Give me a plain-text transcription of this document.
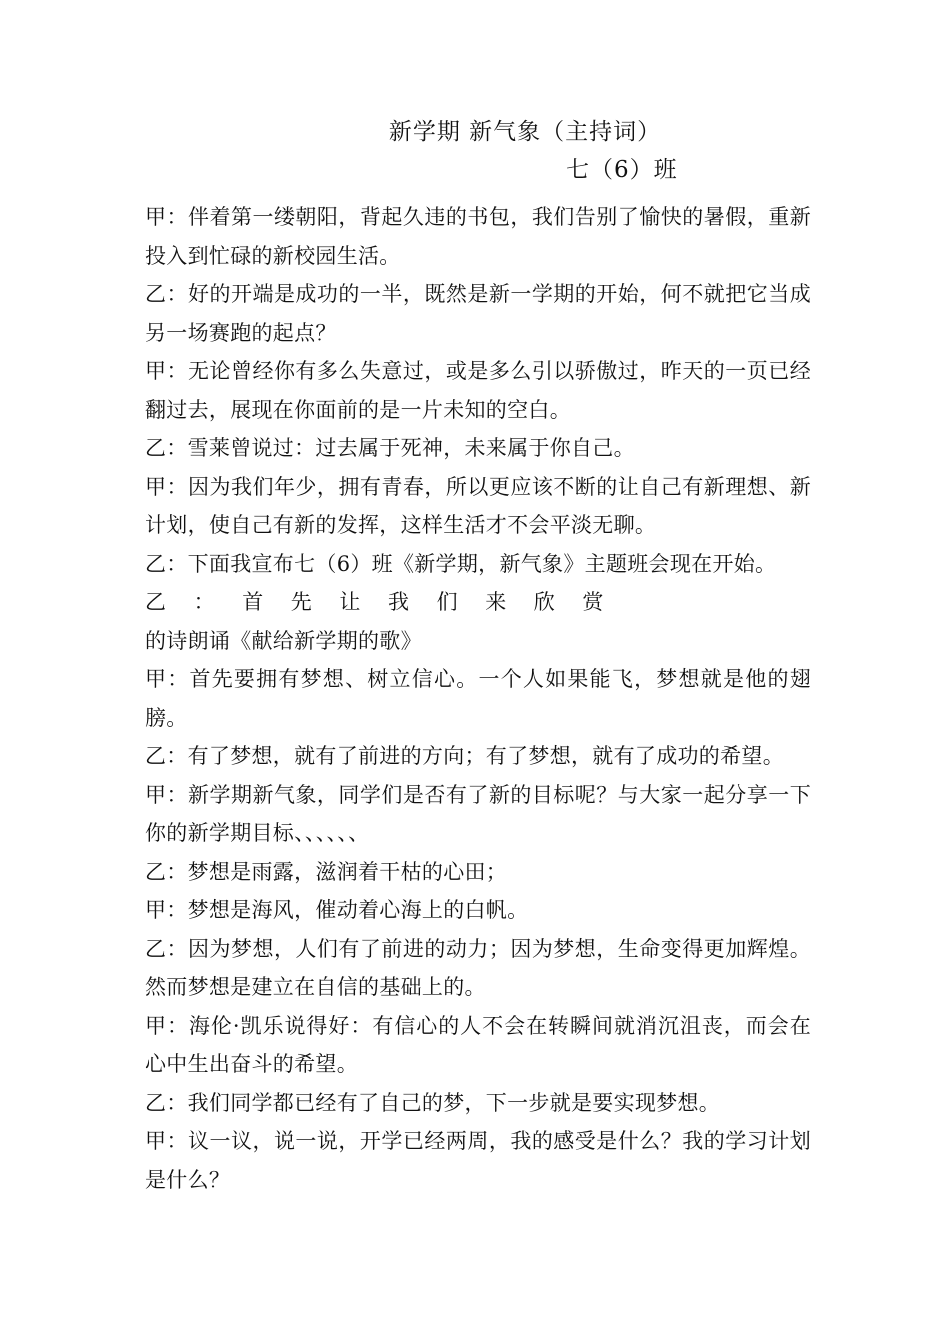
新学期 新气象（主持词）
七（6）班

甲：伴着第一缕朝阳，背起久违的书包，我们告别了愉快的暑假，重新投入到忙碌的新校园生活。

乙：好的开端是成功的一半，既然是新一学期的开始，何不就把它当成另一场赛跑的起点？

甲：无论曾经你有多么失意过，或是多么引以骄傲过，昨天的一页已经翻过去，展现在你面前的是一片未知的空白。

乙：雪莱曾说过：过去属于死神，未来属于你自己。

甲：因为我们年少，拥有青春，所以更应该不断的让自己有新理想、新计划，使自己有新的发挥，这样生活才不会平淡无聊。

乙：下面我宣布七（6）班《新学期，新气象》主题班会现在开始。

乙：首先让我们来欣赏的诗朗诵《献给新学期的歌》

甲：首先要拥有梦想、树立信心。一个人如果能飞，梦想就是他的翅膀。

乙：有了梦想，就有了前进的方向；有了梦想，就有了成功的希望。

甲：新学期新气象，同学们是否有了新的目标呢？与大家一起分享一下你的新学期目标、、、、、、

乙：梦想是雨露，滋润着干枯的心田；

甲：梦想是海风，催动着心海上的白帆。

乙：因为梦想，人们有了前进的动力；因为梦想，生命变得更加辉煌。然而梦想是建立在自信的基础上的。

甲：海伦·凯乐说得好：有信心的人不会在转瞬间就消沉沮丧，而会在心中生出奋斗的希望。

乙：我们同学都已经有了自己的梦，下一步就是要实现梦想。

甲：议一议，说一说，开学已经两周，我的感受是什么？我的学习计划是什么？
